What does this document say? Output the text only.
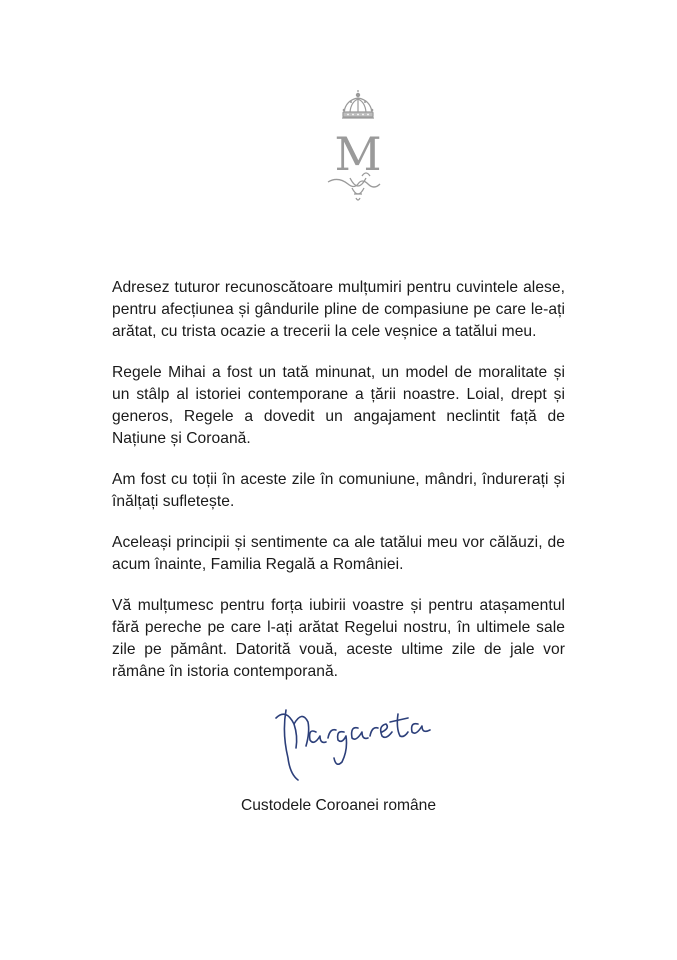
M

Adresez tuturor recunoscătoare mulțumiri pentru cuvintele alese, pentru afecțiunea și gândurile pline de compasiune pe care le-ați arătat, cu trista ocazie a trecerii la cele veșnice a tatălui meu.

Regele Mihai a fost un tată minunat, un model de moralitate și un stâlp al istoriei contemporane a țării noastre. Loial, drept și generos, Regele a dovedit un angajament neclintit față de Națiune și Coroană.

Am fost cu toții în aceste zile în comuniune, mândri, îndurerați și înălțați sufletește.

Aceleași principii și sentimente ca ale tatălui meu vor călăuzi, de acum înainte, Familia Regală a României.

Vă mulțumesc pentru forța iubirii voastre și pentru atașamentul fără pereche pe care l-ați arătat Regelui nostru, în ultimele sale zile pe pământ. Datorită vouă, aceste ultime zile de jale vor rămâne în istoria contemporană.

Custodele Coroanei române
